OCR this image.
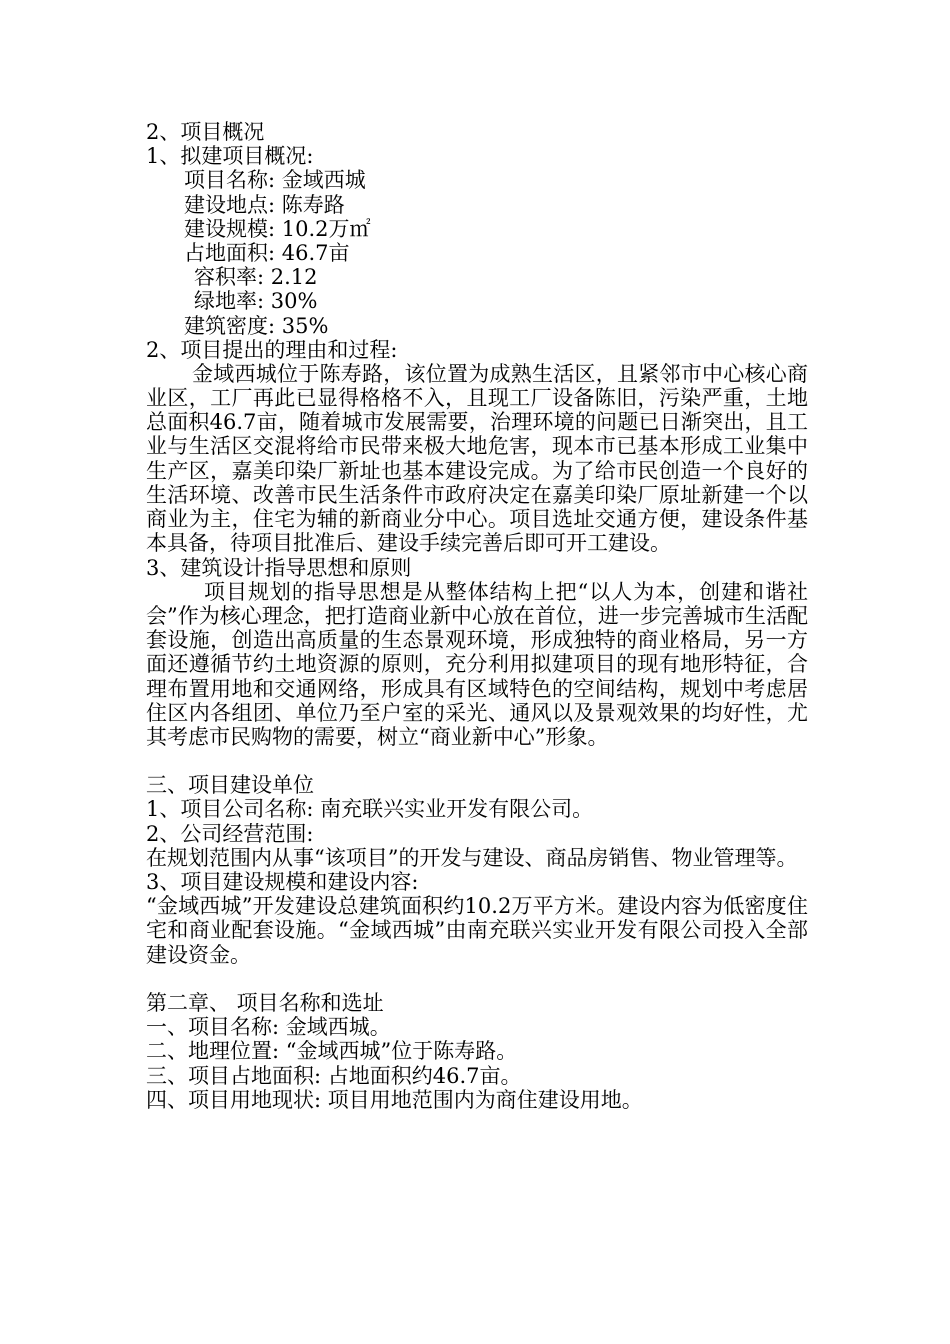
2、项目概况
1、拟建项目概况:
项目名称: 金域西城
建设地点: 陈寿路
建设规模: 10.2万㎡
占地面积: 46.7亩
容积率: 2.12
绿地率: 30%
建筑密度: 35%
2、项目提出的理由和过程:
金域西城位于陈寿路，该位置为成熟生活区，且紧邻市中心核心商业区，工厂再此已显得格格不入，且现工厂设备陈旧，污染严重，土地总面积46.7亩，随着城市发展需要，治理环境的问题已日渐突出，且工业与生活区交混将给市民带来极大地危害，现本市已基本形成工业集中生产区，嘉美印染厂新址也基本建设完成。为了给市民创造一个良好的生活环境、改善市民生活条件市政府决定在嘉美印染厂原址新建一个以商业为主，住宅为辅的新商业分中心。项目选址交通方便，建设条件基本具备，待项目批准后、建设手续完善后即可开工建设。
3、建筑设计指导思想和原则
项目规划的指导思想是从整体结构上把“以人为本，创建和谐社会”作为核心理念，把打造商业新中心放在首位，进一步完善城市生活配套设施，创造出高质量的生态景观环境，形成独特的商业格局，另一方面还遵循节约土地资源的原则，充分利用拟建项目的现有地形特征，合理布置用地和交通网络，形成具有区域特色的空间结构，规划中考虑居住区内各组团、单位乃至户室的采光、通风以及景观效果的均好性，尤其考虑市民购物的需要，树立“商业新中心”形象。
三、项目建设单位
1、项目公司名称: 南充联兴实业开发有限公司。
2、公司经营范围:
在规划范围内从事“该项目”的开发与建设、商品房销售、物业管理等。
3、项目建设规模和建设内容:
“金域西城”开发建设总建筑面积约10.2万平方米。建设内容为低密度住宅和商业配套设施。“金域西城”由南充联兴实业开发有限公司投入全部建设资金。
第二章、 项目名称和选址
一、项目名称: 金域西城。
二、地理位置: “金域西城”位于陈寿路。
三、项目占地面积: 占地面积约46.7亩。
四、项目用地现状: 项目用地范围内为商住建设用地。
